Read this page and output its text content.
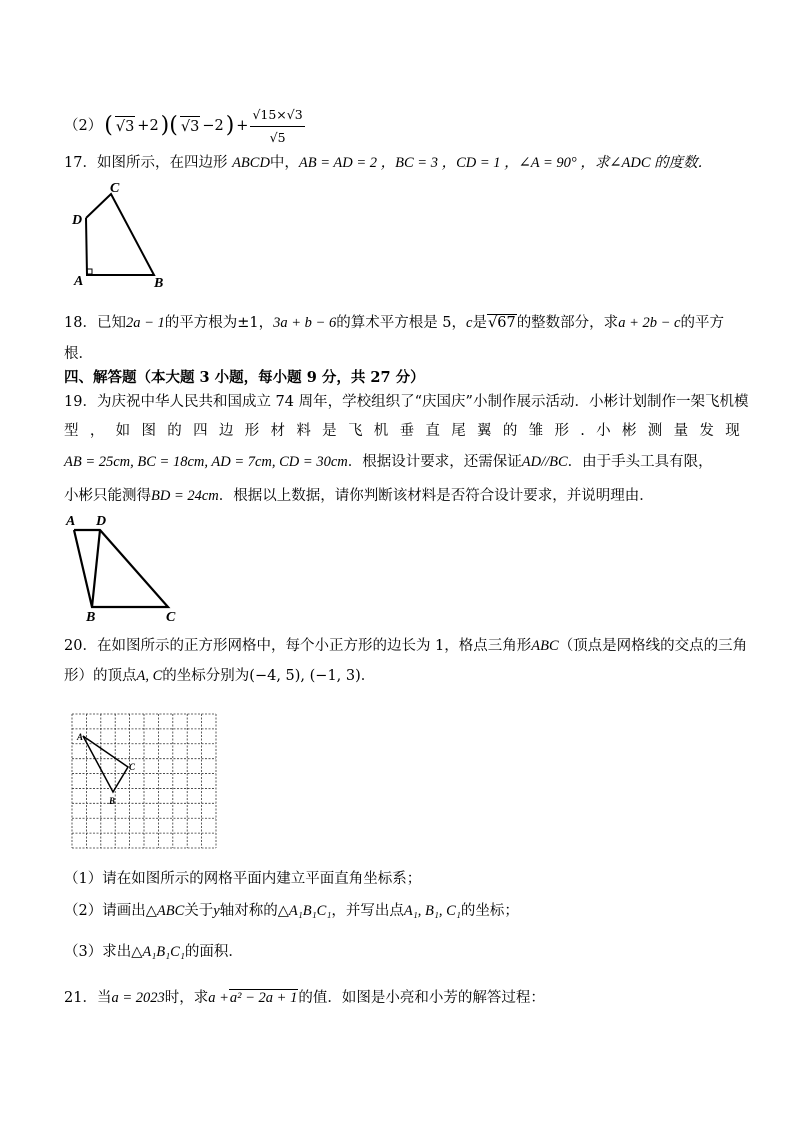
（2） ( √3 +2 )( √3 −2 ) + $\frac{√15\times√3}{√5}$
17．如图所示，在四边形 ABCD中，AB = AD = 2 ，BC = 3 ，CD = 1 ，∠A = 90° ，求∠ADC 的度数．
C
D
A	B
18．已知2a − 1的平方根为±1，3a + b − 6的算术平方根是 5，c是√67的整数部分，求a + 2b − c的平方
根．
四、解答题（本大题 3 小题，每小题 9 分，共 27 分）
19．为庆祝中华人民共和国成立 74 周年，学校组织了“庆国庆”小制作展示活动．小彬计划制作一架飞机模
型 ， 如 图 的 四 边 形 材 料 是 飞 机 垂 直 尾 翼 的 雏 形 . 小 彬 测 量 发 现
AB = 25cm, BC = 18cm, AD = 7cm, CD = 30cm．根据设计要求，还需保证AD//BC．由于手头工具有限，
小彬只能测得BD = 24cm．根据以上数据，请你判断该材料是否符合设计要求，并说明理由．
A D
B	C
20．在如图所示的正方形网格中，每个小正方形的边长为 1，格点三角形ABC（顶点是网格线的交点的三角
形）的顶点A, C的坐标分别为(−4, 5), (−1, 3)．
A
C
B
（1）请在如图所示的网格平面内建立平面直角坐标系；
（2）请画出△ABC关于y轴对称的△A₁B₁C₁，并写出点A₁, B₁, C₁的坐标；
（3）求出△A₁B₁C₁的面积．
21．当a = 2023时，求a +a² − 2a + 1的值．如图是小亮和小芳的解答过程：
